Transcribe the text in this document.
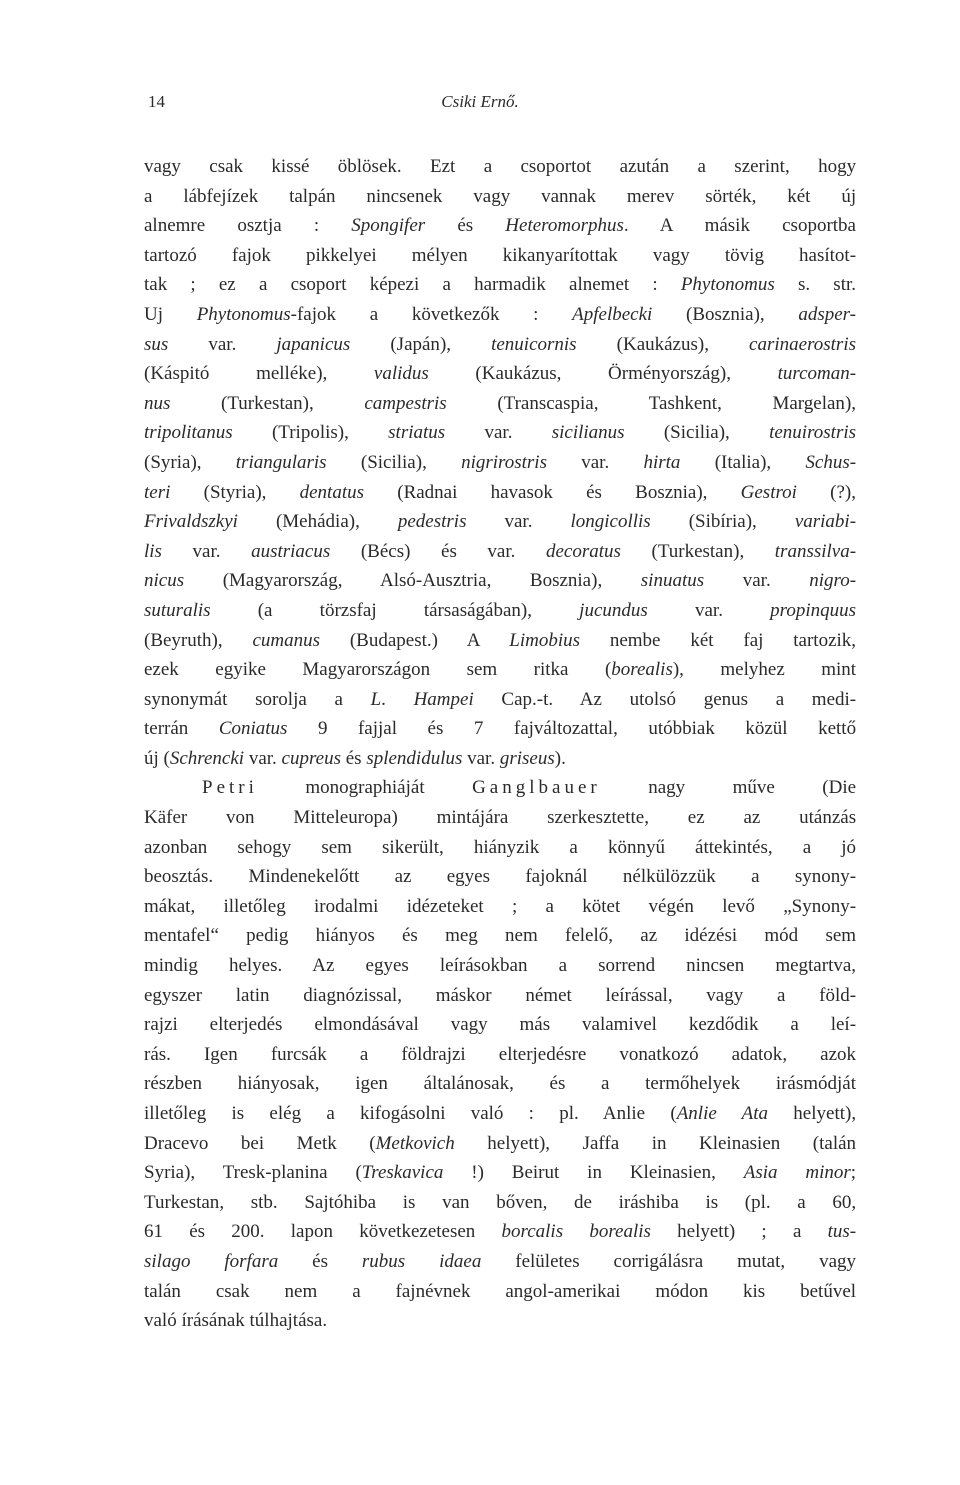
14	Csiki Ernő.
vagy csak kissé öblösek. Ezt a csoportot azután a szerint, hogy
a lábfejízek talpán nincsenek vagy vannak merev sörték, két új
alnemre osztja : Spongifer és Heteromorphus. A másik csoportba
tartozó fajok pikkelyei mélyen kikanyarítottak vagy tövig hasítot-
tak ; ez a csoport képezi a harmadik alnemet : Phytonomus s. str.
Uj Phytonomus-fajok a következők : Apfelbecki (Bosznia), adsper-
sus var. japanicus (Japán), tenuicornis (Kaukázus), carinaerostris
(Káspitó melléke), validus (Kaukázus, Örményország), turcoman-
nus	(Turkestan),	campestris	(Transcaspia,	Tashkent,	Margelan),
tripolitanus (Tripolis), striatus var. sicilianus (Sicilia), tenuirostris
(Syria), triangularis (Sicilia), nigrirostris var. hirta (Italia), Schus-
teri (Styria), dentatus (Radnai havasok és Bosznia), Gestroi (?),
Frivaldszkyi (Mehádia), pedestris var. longicollis (Sibíria), variabi-
lis var. austriacus (Bécs) és var. decoratus (Turkestan), transsilva-
nicus (Magyarország, Alsó-Ausztria, Bosznia), sinuatus var. nigro-
suturalis (a törzsfaj társaságában), jucundus var. propinquus
(Beyruth), cumanus (Budapest.) A Limobius nembe két faj tartozik,
ezek egyike Magyarországon sem ritka (borealis), melyhez mint
synonymát sorolja a L. Hampei Cap.-t. Az utolsó genus a medi-
terrán Coniatus 9 fajjal és 7 fajváltozattal, utóbbiak közül kettő
új (Schrencki var. cupreus és splendidulus var. griseus).
Petri monographiáját Ganglbauer nagy műve (Die
Käfer von Mitteleuropa) mintájára szerkesztette, ez az utánzás
azonban sehogy sem sikerült, hiányzik a könnyű áttekintés, a jó
beosztás. Mindenekelőtt az egyes fajoknál nélkülözzük a synony-
mákat, illetőleg irodalmi idézeteket ; a kötet végén levő „Synony-
mentafel“ pedig hiányos és meg nem felelő, az idézési mód sem
mindig helyes. Az egyes leírásokban a sorrend nincsen megtartva,
egyszer latin diagnózissal, máskor német leírással, vagy a föld-
rajzi elterjedés elmondásával vagy más valamivel kezdődik a leí-
rás. Igen furcsák a földrajzi elterjedésre vonatkozó adatok, azok
részben hiányosak, igen általánosak, és a termőhelyek irásmódját
illetőleg is elég a kifogásolni való : pl. Anlie (Anlie Ata helyett),
Dracevo bei Metk (Metkovich helyett), Jaffa in Kleinasien (talán
Syria), Tresk-planina (Treskavica !) Beirut in Kleinasien, Asia minor;
Turkestan, stb. Sajtóhiba is van bőven, de iráshiba is (pl. a 60,
61 és 200. lapon következetesen borcalis borealis helyett) ; a tus-
silago forfara és rubus idaea felületes corrigálásra mutat, vagy
talán csak nem a fajnévnek angol-amerikai módon kis betűvel
való írásának túlhajtása.
